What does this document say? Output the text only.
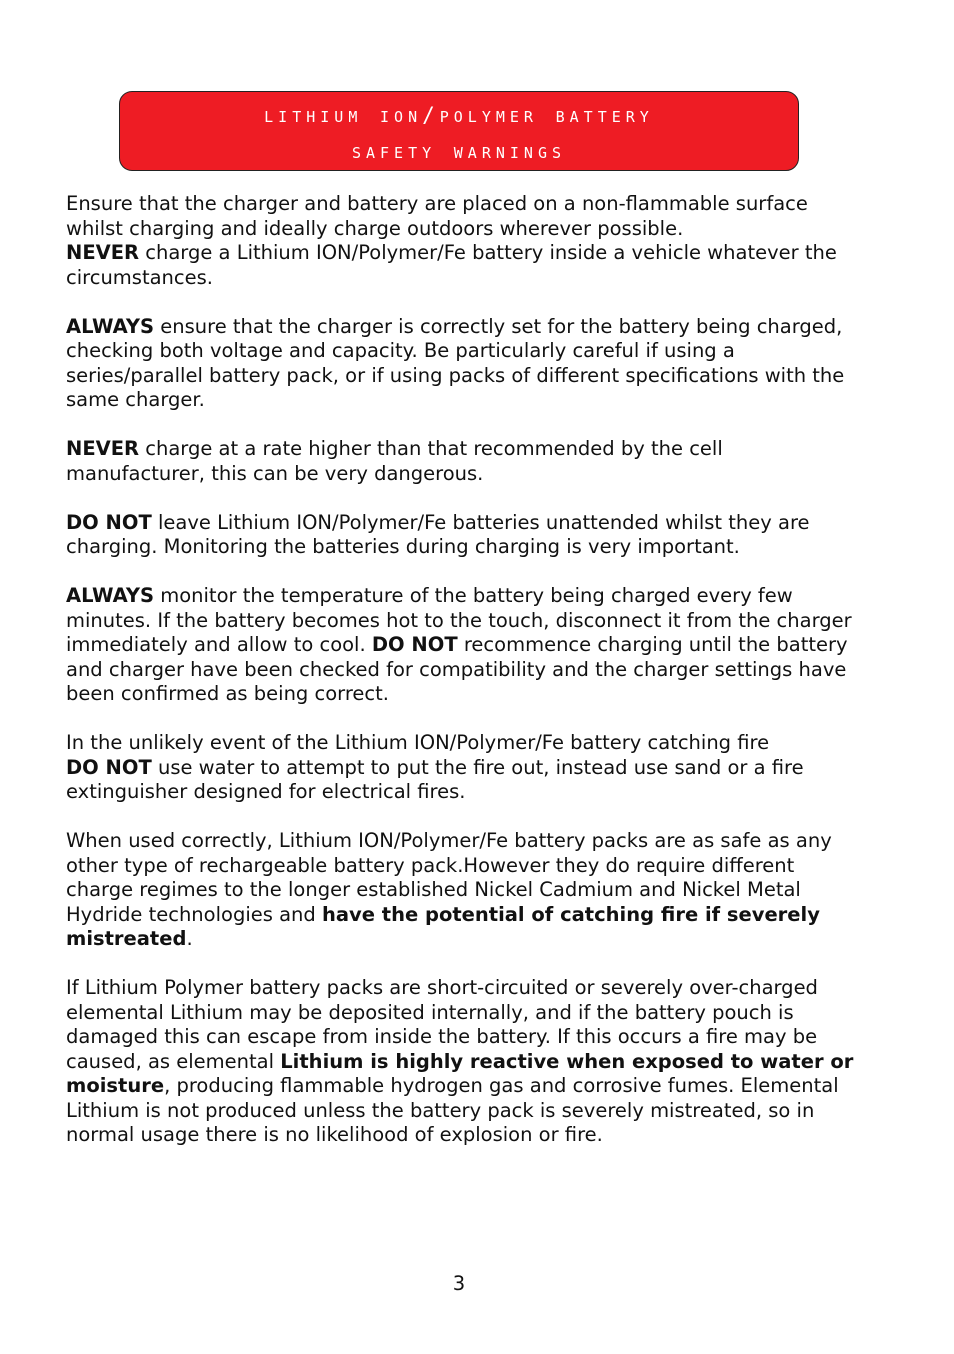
lithium ion/polymer battery
safety warnings

Ensure that the charger and battery are placed on a non-flammable surface whilst charging and ideally charge outdoors wherever possible.
NEVER charge a Lithium ION/Polymer/Fe battery inside a vehicle whatever the circumstances.

ALWAYS ensure that the charger is correctly set for the battery being charged, checking both voltage and capacity. Be particularly careful if using a series/parallel battery pack, or if using packs of different specifications with the same charger.

NEVER charge at a rate higher than that recommended by the cell manufacturer, this can be very dangerous.

DO NOT leave Lithium ION/Polymer/Fe batteries unattended whilst they are charging. Monitoring the batteries during charging is very important.

ALWAYS monitor the temperature of the battery being charged every few minutes. If the battery becomes hot to the touch, disconnect it from the charger immediately and allow to cool. DO NOT recommence charging until the battery and charger have been checked for compatibility and the charger settings have been confirmed as being correct.

In the unlikely event of the Lithium ION/Polymer/Fe battery catching fire
DO NOT use water to attempt to put the fire out, instead use sand or a fire extinguisher designed for electrical fires.

When used correctly, Lithium ION/Polymer/Fe battery packs are as safe as any other type of rechargeable battery pack.However they do require different charge regimes to the longer established Nickel Cadmium and Nickel Metal Hydride technologies and have the potential of catching fire if severely mistreated.

If Lithium Polymer battery packs are short-circuited or severely over-charged elemental Lithium may be deposited internally, and if the battery pouch is damaged this can escape from inside the battery. If this occurs a fire may be caused, as elemental Lithium is highly reactive when exposed to water or moisture, producing flammable hydrogen gas and corrosive fumes. Elemental Lithium is not produced unless the battery pack is severely mistreated, so in normal usage there is no likelihood of explosion or fire.

3
